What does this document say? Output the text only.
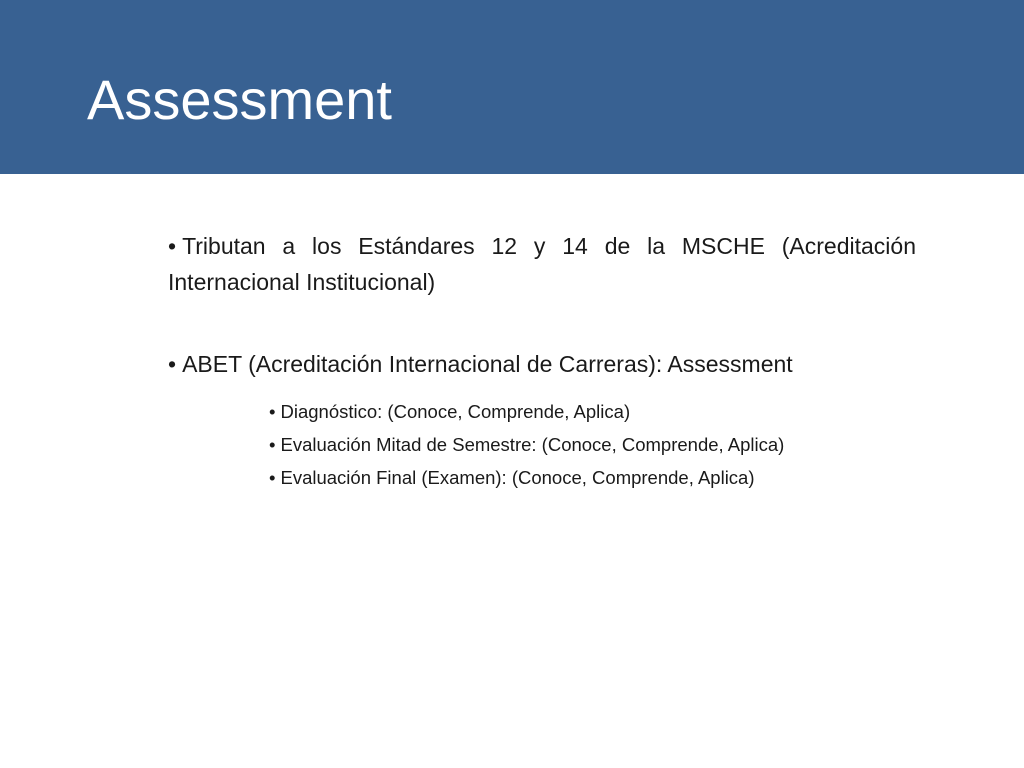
Assessment

• Tributan a los Estándares 12 y 14 de la MSCHE (Acreditación Internacional Institucional)

• ABET (Acreditación Internacional de Carreras): Assessment

• Diagnóstico: (Conoce, Comprende, Aplica)

• Evaluación Mitad de Semestre: (Conoce, Comprende, Aplica)

• Evaluación Final (Examen): (Conoce, Comprende, Aplica)
